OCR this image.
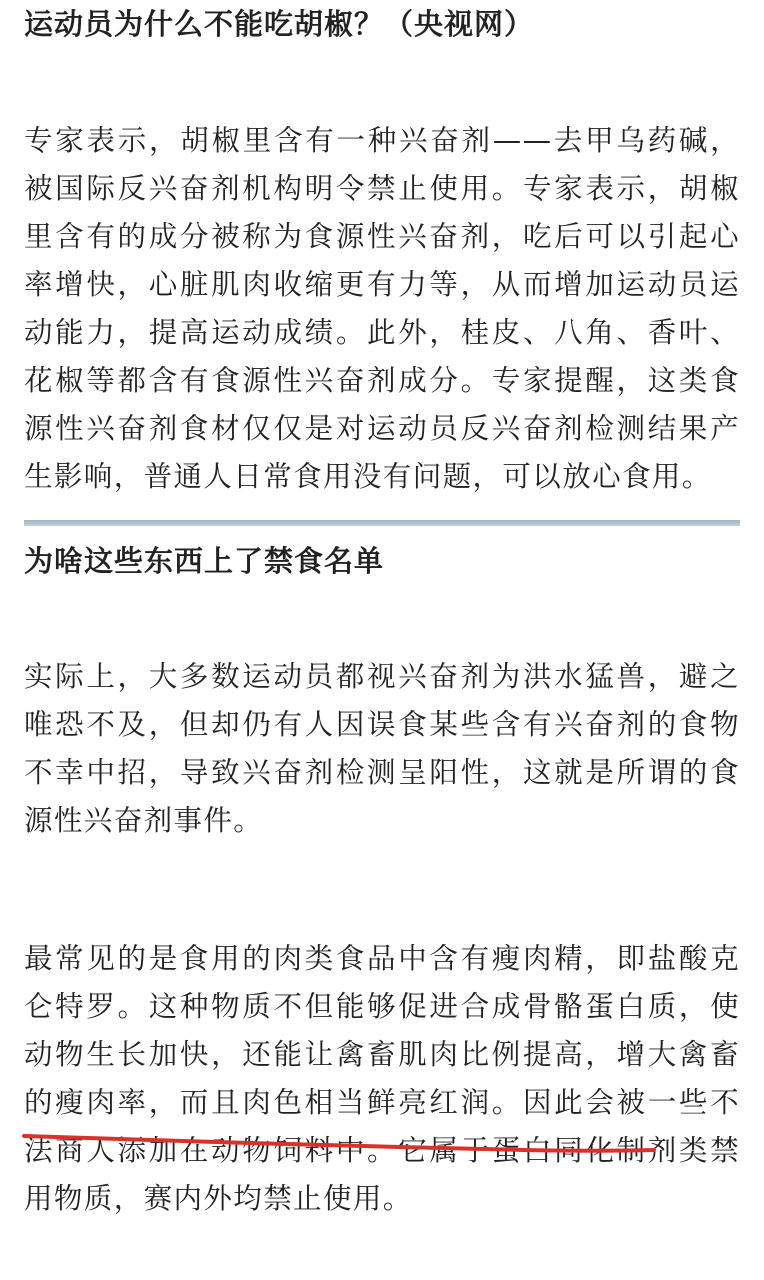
运动员为什么不能吃胡椒？（央视网）

专家表示，胡椒里含有一种兴奋剂——去甲乌药碱，被国际反兴奋剂机构明令禁止使用。专家表示，胡椒里含有的成分被称为食源性兴奋剂，吃后可以引起心率增快，心脏肌肉收缩更有力等，从而增加运动员运动能力，提高运动成绩。此外，桂皮、八角、香叶、花椒等都含有食源性兴奋剂成分。专家提醒，这类食源性兴奋剂食材仅仅是对运动员反兴奋剂检测结果产生影响，普通人日常食用没有问题，可以放心食用。

为啥这些东西上了禁食名单

实际上，大多数运动员都视兴奋剂为洪水猛兽，避之唯恐不及，但却仍有人因误食某些含有兴奋剂的食物不幸中招，导致兴奋剂检测呈阳性，这就是所谓的食源性兴奋剂事件。

最常见的是食用的肉类食品中含有瘦肉精，即盐酸克仑特罗。这种物质不但能够促进合成骨骼蛋白质，使动物生长加快，还能让禽畜肌肉比例提高，增大禽畜的瘦肉率，而且肉色相当鲜亮红润。因此会被一些不法商人添加在动物饲料中。它属于蛋白同化制剂类禁用物质，赛内外均禁止使用。
